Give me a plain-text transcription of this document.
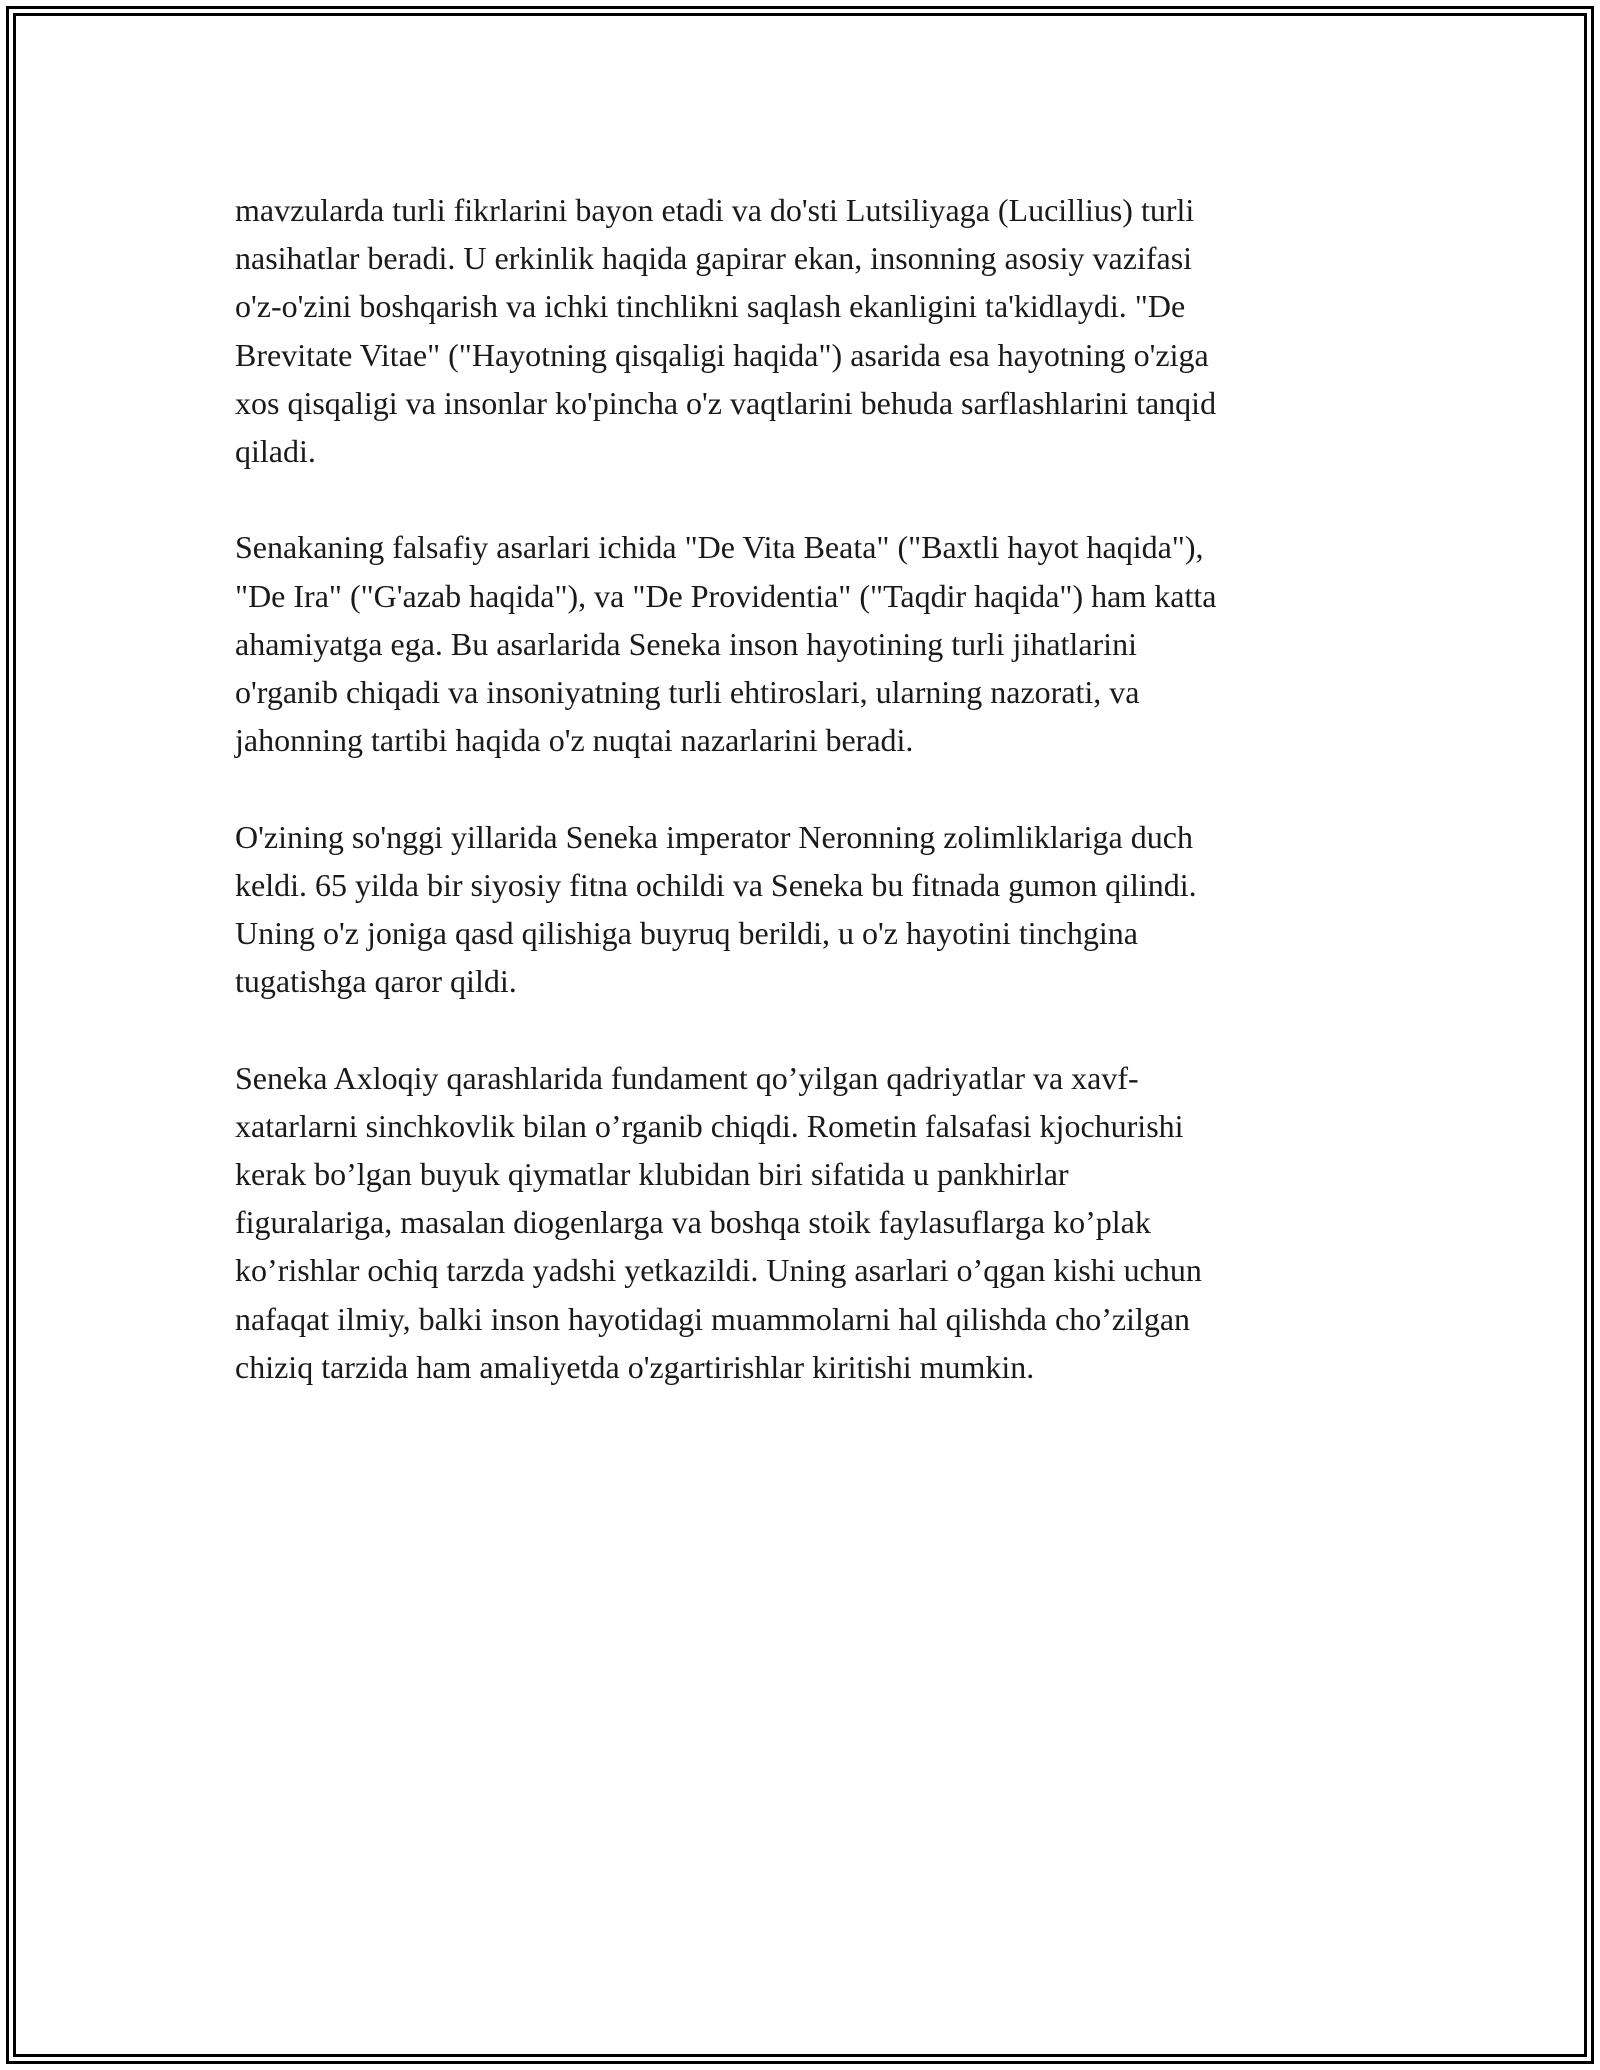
mavzularda turli fikrlarini bayon etadi va do'sti Lutsiliyaga (Lucillius) turli
nasihatlar beradi. U erkinlik haqida gapirar ekan, insonning asosiy vazifasi
o'z-o'zini boshqarish va ichki tinchlikni saqlash ekanligini ta'kidlaydi. "De
Brevitate Vitae" ("Hayotning qisqaligi haqida") asarida esa hayotning o'ziga
xos qisqaligi va insonlar ko'pincha o'z vaqtlarini behuda sarflashlarini tanqid
qiladi.

Senakaning falsafiy asarlari ichida "De Vita Beata" ("Baxtli hayot haqida"),
"De Ira" ("G'azab haqida"), va "De Providentia" ("Taqdir haqida") ham katta
ahamiyatga ega. Bu asarlarida Seneka inson hayotining turli jihatlarini
o'rganib chiqadi va insoniyatning turli ehtiroslari, ularning nazorati, va
jahonning tartibi haqida o'z nuqtai nazarlarini beradi.

O'zining so'nggi yillarida Seneka imperator Neronning zolimliklariga duch
keldi. 65 yilda bir siyosiy fitna ochildi va Seneka bu fitnada gumon qilindi.
Uning o'z joniga qasd qilishiga buyruq berildi, u o'z hayotini tinchgina
tugatishga qaror qildi.

Seneka Axloqiy qarashlarida fundament qo’yilgan qadriyatlar va xavf-
xatarlarni sinchkovlik bilan o’rganib chiqdi. Rometin falsafasi kjochurishi
kerak bo’lgan buyuk qiymatlar klubidan biri sifatida u pankhirlar
figuralariga, masalan diogenlarga va boshqa stoik faylasuflarga ko’plak
ko’rishlar ochiq tarzda yadshi yetkazildi. Uning asarlari o’qgan kishi uchun
nafaqat ilmiy, balki inson hayotidagi muammolarni hal qilishda cho’zilgan
chiziq tarzida ham amaliyetda o'zgartirishlar kiritishi mumkin.
